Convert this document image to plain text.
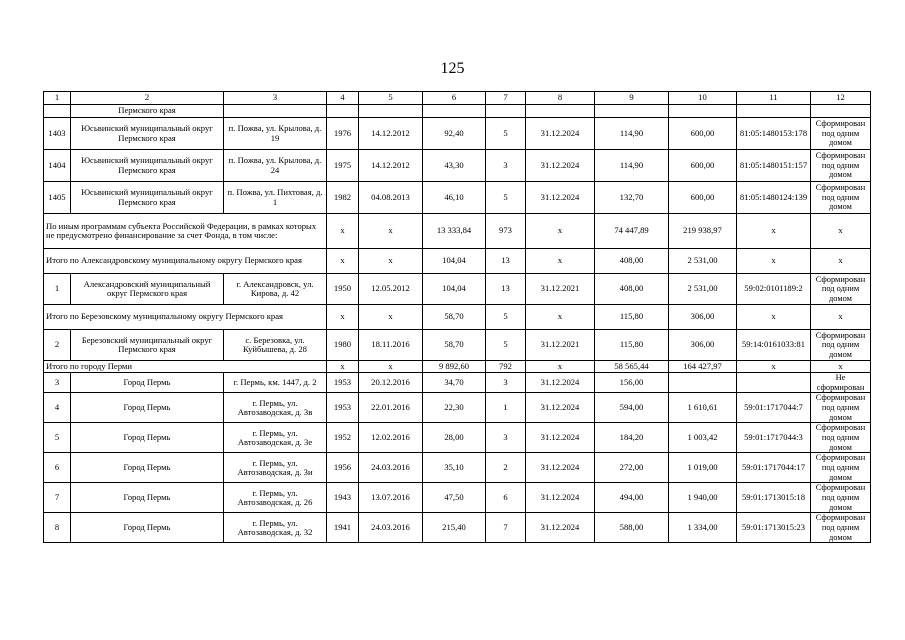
125
1	2	3	4	5	6	7	8	9	10	11	12
	Пермского края										
1403	Юсьвинский муниципальный округ Пермского края	п. Пожва, ул. Крылова, д. 19	1976	14.12.2012	92,40	5	31.12.2024	114,90	600,00	81:05:1480153:178	Сформирован под одним домом
1404	Юсьвинский муниципальный округ Пермского края	п. Пожва, ул. Крылова, д. 24	1975	14.12.2012	43,30	3	31.12.2024	114,90	600,00	81:05:1480151:157	Сформирован под одним домом
1405	Юсьвинский муниципальный округ Пермского края	п. Пожва, ул. Пихтовая, д. 1	1982	04.08.2013	46,10	5	31.12.2024	132,70	600,00	81:05:1480124:139	Сформирован под одним домом
По иным программам субъекта Российской Федерации, в рамках которых не предусмотрено финансирование за счет Фонда, в том числе:			х	х	13 333,84	973	х	74 447,89	219 938,97	х	х
Итого по Александровскому муниципальному округу Пермского края			х	х	104,04	13	х	408,00	2 531,00	х	х
1	Александровский муниципальный округ Пермского края	г. Александровск, ул. Кирова, д. 42	1950	12.05.2012	104,04	13	31.12.2021	408,00	2 531,00	59:02:0101189:2	Сформирован под одним домом
Итого по Березовскому муниципальному округу Пермского края			х	х	58,70	5	х	115,80	306,00	х	х
2	Березовский муниципальный округ Пермского края	с. Березовка, ул. Куйбышева, д. 28	1980	18.11.2016	58,70	5	31.12.2021	115,80	306,00	59:14:0161033:81	Сформирован под одним домом
Итого по городу Перми			х	х	9 892,60	792	х	58 565,44	164 427,97	х	х
3	Город Пермь	г. Пермь, км. 1447, д. 2	1953	20.12.2016	34,70	3	31.12.2024	156,00			Не сформирован
4	Город Пермь	г. Пермь, ул. Автозаводская, д. 3в	1953	22.01.2016	22,30	1	31.12.2024	594,00	1 610,61	59:01:1717044:7	Сформирован под одним домом
5	Город Пермь	г. Пермь, ул. Автозаводская, д. 3е	1952	12.02.2016	28,00	3	31.12.2024	184,20	1 003,42	59:01:1717044:3	Сформирован под одним домом
6	Город Пермь	г. Пермь, ул. Автозаводская, д. 3и	1956	24.03.2016	35,10	2	31.12.2024	272,00	1 019,00	59:01:1717044:17	Сформирован под одним домом
7	Город Пермь	г. Пермь, ул. Автозаводская, д. 26	1943	13.07.2016	47,50	6	31.12.2024	494,00	1 940,00	59:01:1713015:18	Сформирован под одним домом
8	Город Пермь	г. Пермь, ул. Автозаводская, д. 32	1941	24.03.2016	215,40	7	31.12.2024	588,00	1 334,00	59:01:1713015:23	Сформирован под одним домом
